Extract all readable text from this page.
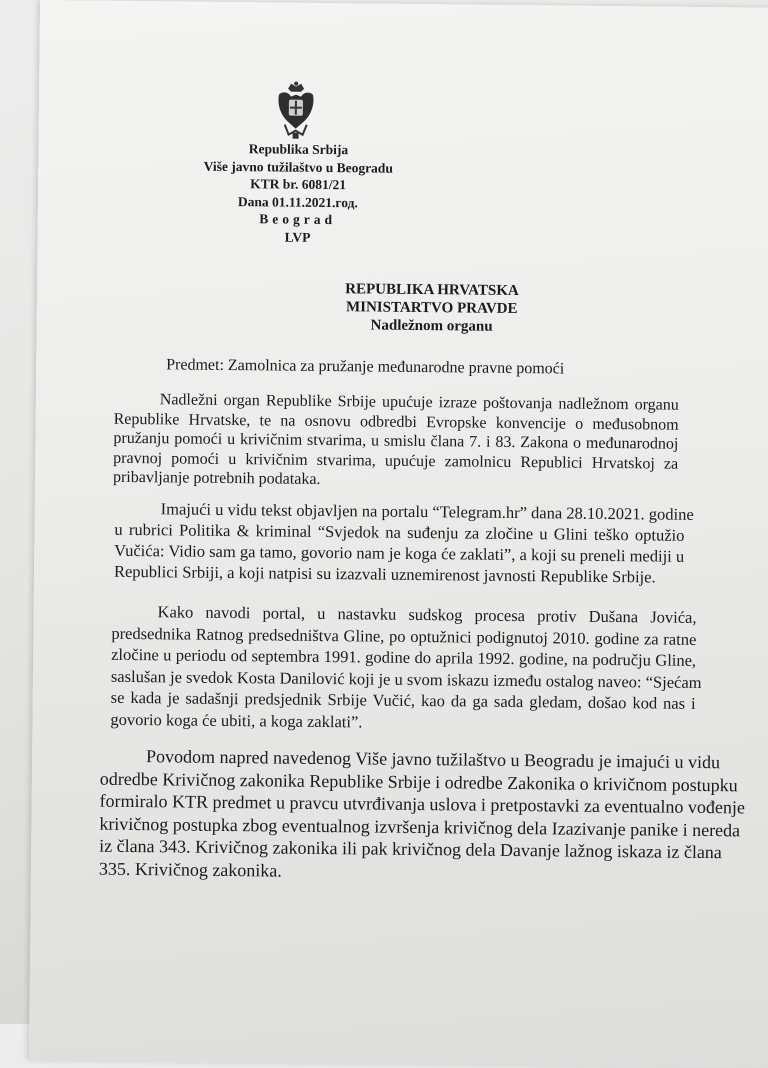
Republika Srbija
Više javno tužilaštvo u Beogradu
KTR br. 6081/21
Dana 01.11.2021.год.
Beograd
LVP
REPUBLIKA HRVATSKA
MINISTARTVO PRAVDE
Nadležnom organu
Predmet: Zamolnica za pružanje međunarodne pravne pomoći
Nadležni organ Republike Srbije upućuje izraze poštovanja nadležnom organu
Republike Hrvatske, te na osnovu odbredbi Evropske konvencije o međusobnom
pružanju pomoći u krivičnim stvarima, u smislu člana 7. i 83. Zakona o međunarodnoj
pravnoj pomoći u krivičnim stvarima, upućuje zamolnicu Republici Hrvatskoj za
pribavljanje potrebnih podataka.
Imajući u vidu tekst objavljen na portalu “Telegram.hr” dana 28.10.2021. godine
u rubrici Politika & kriminal “Svjedok na suđenju za zločine u Glini teško optužio
Vučića: Vidio sam ga tamo, govorio nam je koga će zaklati”, a koji su preneli mediji u
Republici Srbiji, a koji natpisi su izazvali uznemirenost javnosti Republike Srbije.
Kako navodi portal, u nastavku sudskog procesa protiv Dušana Jovića,
predsednika Ratnog predsedništva Gline, po optužnici podignutoj 2010. godine za ratne
zločine u periodu od septembra 1991. godine do aprila 1992. godine, na području Gline,
saslušan je svedok Kosta Danilović koji je u svom iskazu između ostalog naveo: “Sjećam
se kada je sadašnji predsjednik Srbije Vučić, kao da ga sada gledam, došao kod nas i
govorio koga će ubiti, a koga zaklati”.
Povodom napred navedenog Više javno tužilaštvo u Beogradu je imajući u vidu
odredbe Krivičnog zakonika Republike Srbije i odredbe Zakonika o krivičnom postupku
formiralo KTR predmet u pravcu utvrđivanja uslova i pretpostavki za eventualno vođenje
krivičnog postupka zbog eventualnog izvršenja krivičnog dela Izazivanje panike i nereda
iz člana 343. Krivičnog zakonika ili pak krivičnog dela Davanje lažnog iskaza iz člana
335. Krivičnog zakonika.
